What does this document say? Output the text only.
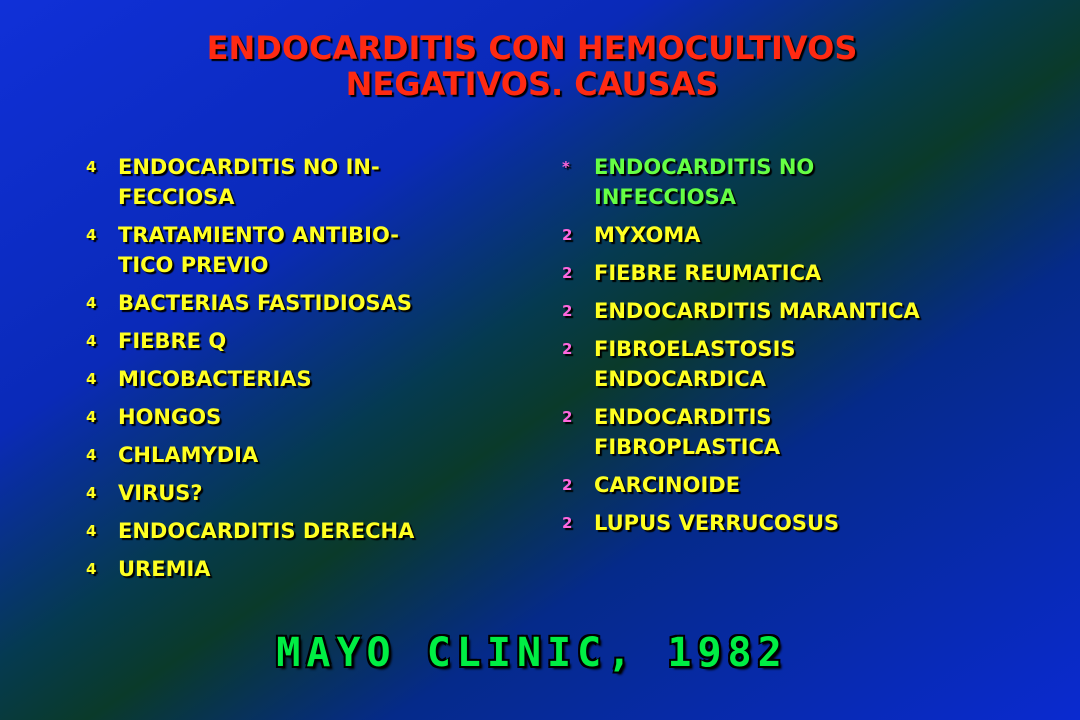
ENDOCARDITIS CON HEMOCULTIVOS
NEGATIVOS. CAUSAS
4 ENDOCARDITIS NO IN-
FECCIOSA
4 TRATAMIENTO ANTIBIO-
TICO PREVIO
4 BACTERIAS FASTIDIOSAS
4 FIEBRE Q
4 MICOBACTERIAS
4 HONGOS
4 CHLAMYDIA
4 VIRUS?
4 ENDOCARDITIS DERECHA
4 UREMIA
* ENDOCARDITIS NO
INFECCIOSA
2 MYXOMA
2 FIEBRE REUMATICA
2 ENDOCARDITIS MARANTICA
2 FIBROELASTOSIS
ENDOCARDICA
2 ENDOCARDITIS
FIBROPLASTICA
2 CARCINOIDE
2 LUPUS VERRUCOSUS
MAYO CLINIC, 1982
